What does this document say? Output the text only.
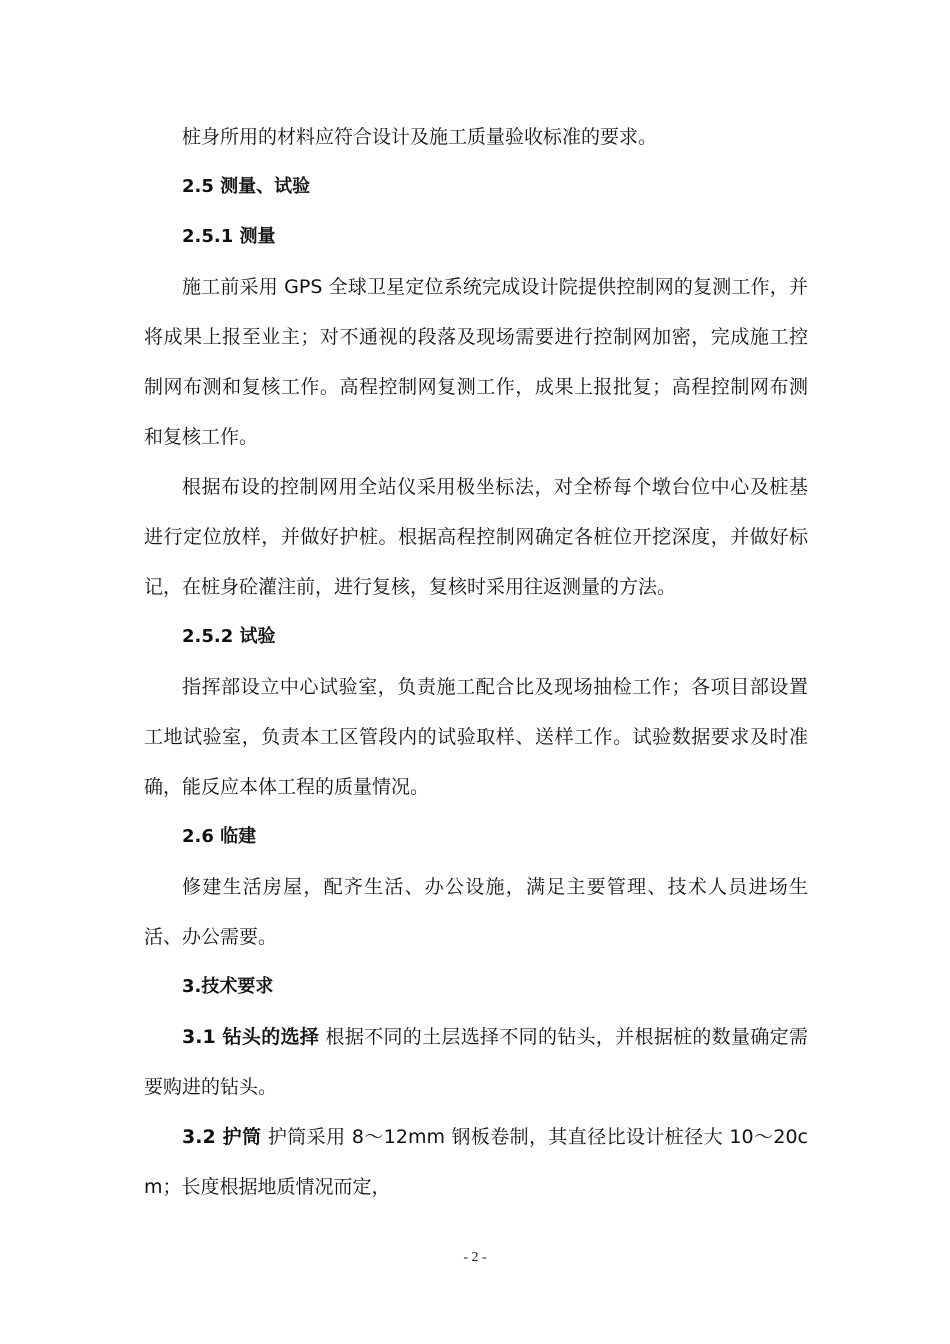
桩身所用的材料应符合设计及施工质量验收标准的要求。

2.5 测量、试验

2.5.1 测量

施工前采用 GPS 全球卫星定位系统完成设计院提供控制网的复测工作，并将成果上报至业主；对不通视的段落及现场需要进行控制网加密，完成施工控制网布测和复核工作。高程控制网复测工作，成果上报批复；高程控制网布测和复核工作。

根据布设的控制网用全站仪采用极坐标法，对全桥每个墩台位中心及桩基进行定位放样，并做好护桩。根据高程控制网确定各桩位开挖深度，并做好标记，在桩身砼灌注前，进行复核，复核时采用往返测量的方法。

2.5.2 试验

指挥部设立中心试验室，负责施工配合比及现场抽检工作；各项目部设置工地试验室，负责本工区管段内的试验取样、送样工作。试验数据要求及时准确，能反应本体工程的质量情况。

2.6 临建

修建生活房屋，配齐生活、办公设施，满足主要管理、技术人员进场生活、办公需要。

3.技术要求

3.1 钻头的选择 根据不同的土层选择不同的钻头，并根据桩的数量确定需要购进的钻头。

3.2 护筒 护筒采用 8～12mm 钢板卷制，其直径比设计桩径大 10～20cm；长度根据地质情况而定，

- 2 -
